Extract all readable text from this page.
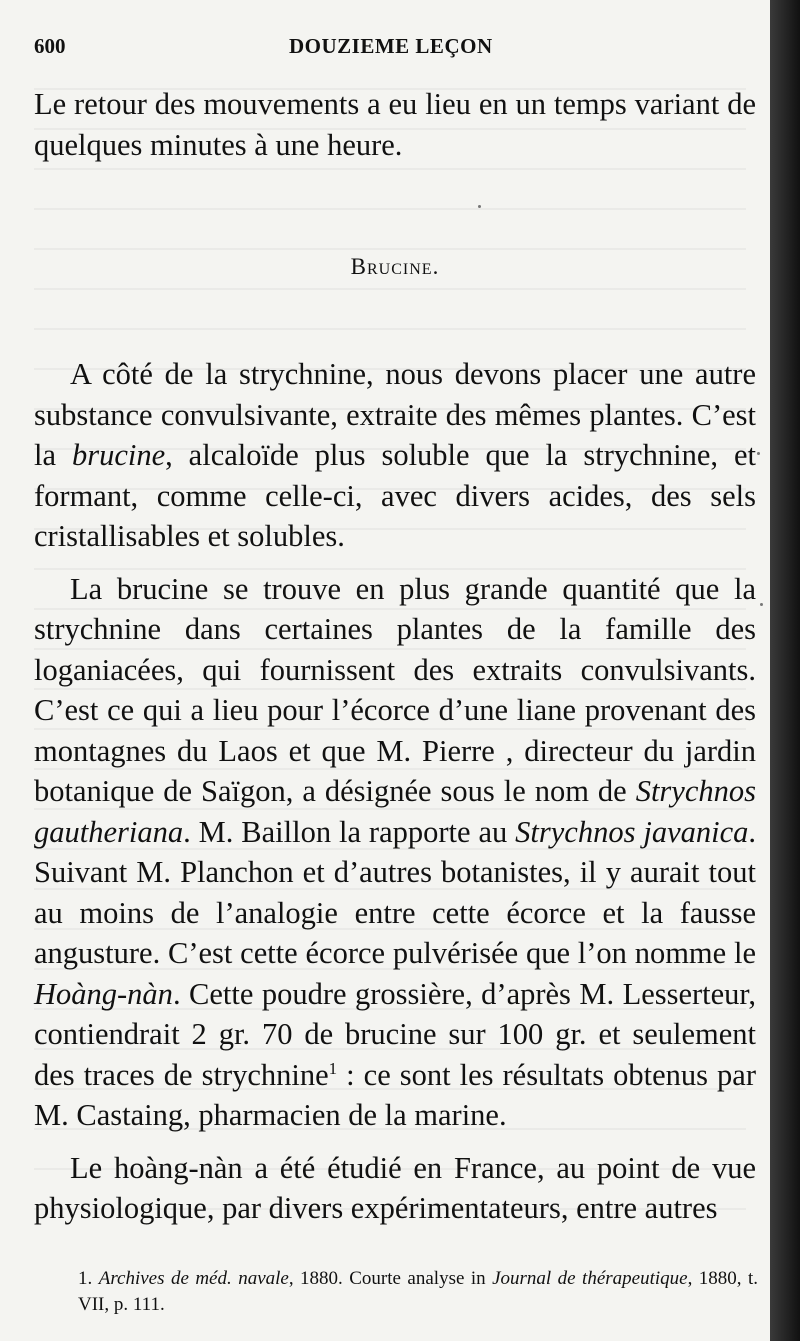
600	DOUZIEME LEÇON

Le retour des mouvements a eu lieu en un temps variant de quelques minutes à une heure.

Brucine.

A côté de la strychnine, nous devons placer une autre substance convulsivante, extraite des mêmes plantes. C’est la brucine, alcaloïde plus soluble que la strychnine, et formant, comme celle-ci, avec divers acides, des sels cristallisables et solubles.

La brucine se trouve en plus grande quantité que la strychnine dans certaines plantes de la famille des loganiacées, qui fournissent des extraits convulsivants. C’est ce qui a lieu pour l’écorce d’une liane provenant des montagnes du Laos et que M. Pierre , directeur du jardin botanique de Saïgon, a désignée sous le nom de Strychnos gautheriana. M. Baillon la rapporte au Strychnos javanica. Suivant M. Planchon et d’autres botanistes, il y aurait tout au moins de l’analogie entre cette écorce et la fausse angusture. C’est cette écorce pulvérisée que l’on nomme le Hoàng-nàn. Cette poudre grossière, d’après M. Lesserteur, contiendrait 2 gr. 70 de brucine sur 100 gr. et seulement des traces de strychnine$^1$ : ce sont les résultats obtenus par M. Castaing, pharmacien de la marine.

Le hoàng-nàn a été étudié en France, au point de vue physiologique, par divers expérimentateurs, entre autres

1. Archives de méd. navale, 1880. Courte analyse in Journal de thérapeutique, 1880, t. VII, p. 111.
